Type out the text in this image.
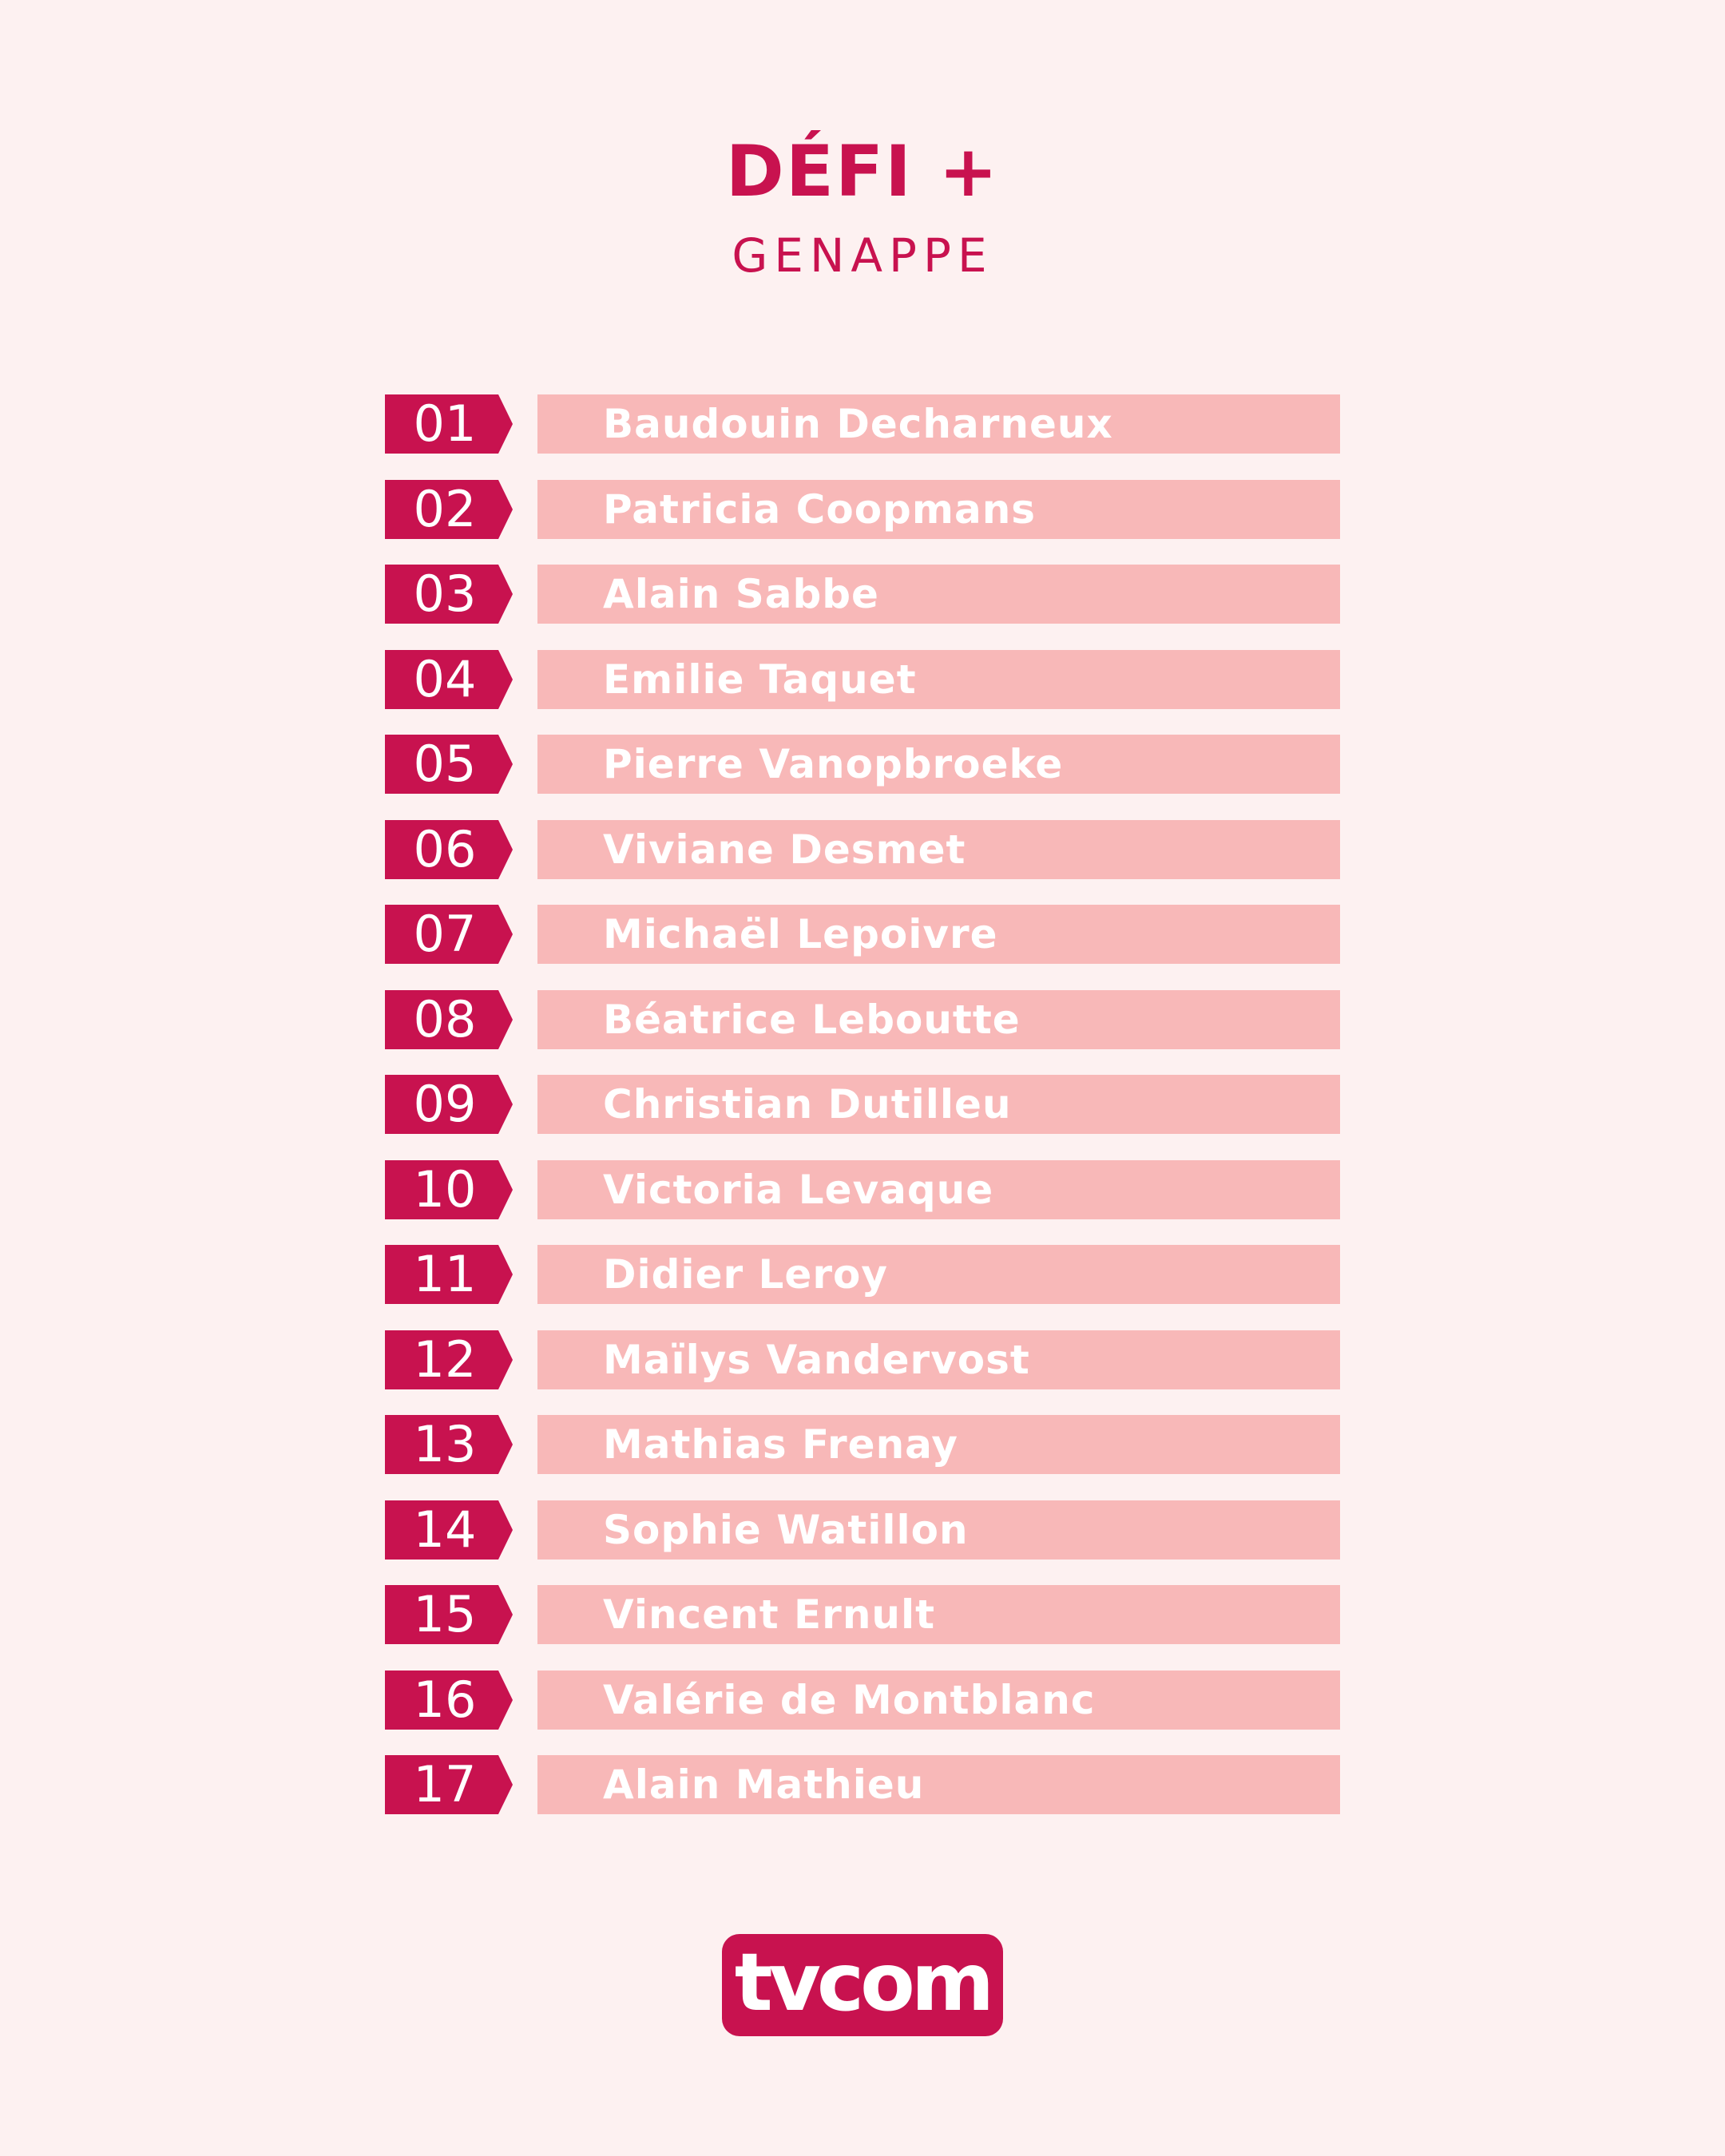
DÉFI +
GENAPPE
01	Baudouin Decharneux
02	Patricia Coopmans
03	Alain Sabbe
04	Emilie Taquet
05	Pierre Vanopbroeke
06	Viviane Desmet
07	Michaël Lepoivre
08	Béatrice Leboutte
09	Christian Dutilleu
10	Victoria Levaque
11	Didier Leroy
12	Maïlys Vandervost
13	Mathias Frenay
14	Sophie Watillon
15	Vincent Ernult
16	Valérie de Montblanc
17	Alain Mathieu
tvcom
